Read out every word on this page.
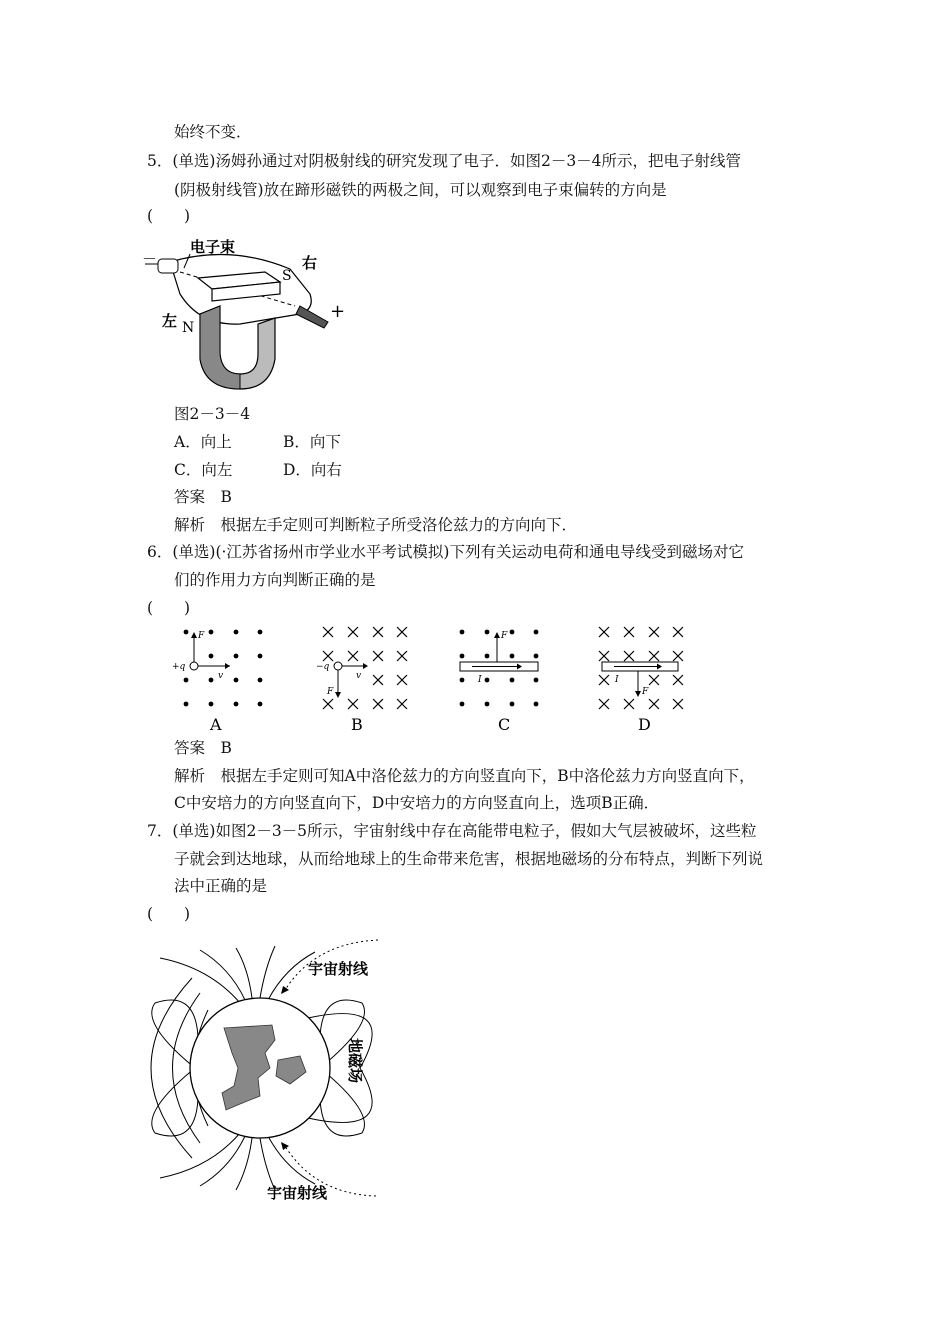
始终不变．
5．(单选)汤姆孙通过对阴极射线的研究发现了电子．如图2－3－4所示，把电子射线管
(阴极射线管)放在蹄形磁铁的两极之间，可以观察到电子束偏转的方向是
(　　)
－
电子束
S
右
+
左 N
图2－3－4
A．向上	B．向下
C．向左	D．向右
答案　B
解析　根据左手定则可判断粒子所受洛伦兹力的方向向下．
6．(单选)(·江苏省扬州市学业水平考试模拟)下列有关运动电荷和通电导线受到磁场对它
们的作用力方向判断正确的是
(　　)
F
+q
v
A
−q
v
F
B
F
I
C
F
I
D
答案　B
解析　根据左手定则可知A中洛伦兹力的方向竖直向下，B中洛伦兹力方向竖直向下，
C中安培力的方向竖直向下，D中安培力的方向竖直向上，选项B正确．
7．(单选)如图2－3－5所示，宇宙射线中存在高能带电粒子，假如大气层被破坏，这些粒
子就会到达地球，从而给地球上的生命带来危害，根据地磁场的分布特点，判断下列说
法中正确的是
(　　)
宇宙射线
地磁场
宇宙射线
